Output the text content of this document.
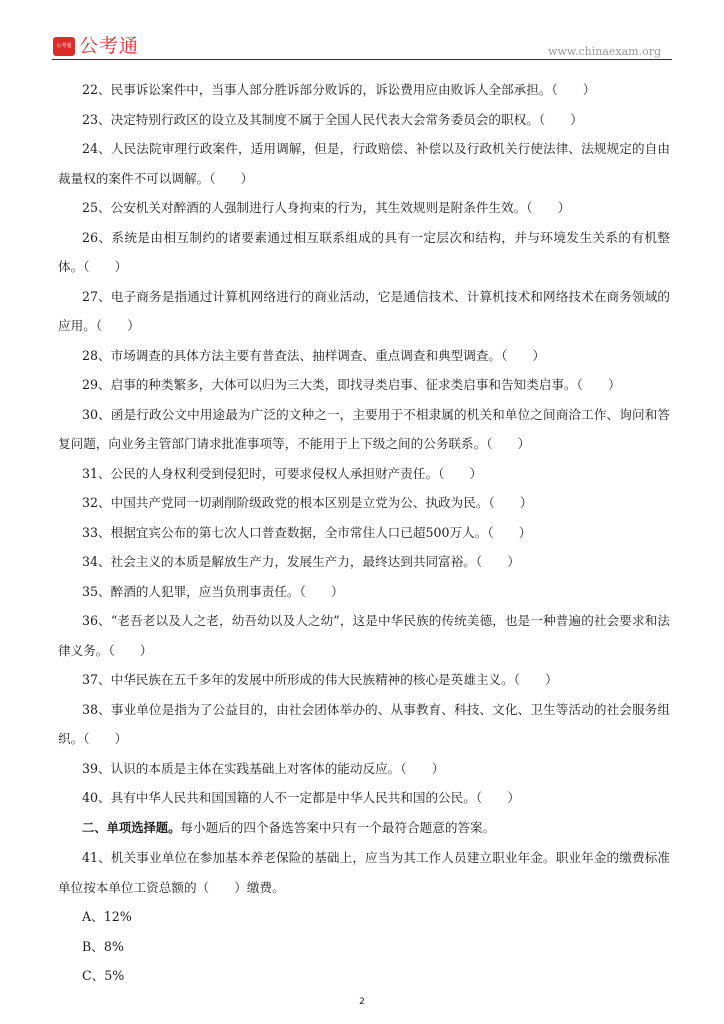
公考通 公考通	www.chinaexam.org

22、民事诉讼案件中，当事人部分胜诉部分败诉的，诉讼费用应由败诉人全部承担。（　　）

23、决定特别行政区的设立及其制度不属于全国人民代表大会常务委员会的职权。（　　）

24、人民法院审理行政案件，适用调解，但是，行政赔偿、补偿以及行政机关行使法律、法规规定的自由裁量权的案件不可以调解。（　　）

25、公安机关对醉酒的人强制进行人身拘束的行为，其生效规则是附条件生效。（　　）

26、系统是由相互制约的诸要素通过相互联系组成的具有一定层次和结构，并与环境发生关系的有机整体。（　　）

27、电子商务是指通过计算机网络进行的商业活动，它是通信技术、计算机技术和网络技术在商务领域的应用。（　　）

28、市场调查的具体方法主要有普查法、抽样调查、重点调查和典型调查。（　　）

29、启事的种类繁多，大体可以归为三大类，即找寻类启事、征求类启事和告知类启事。（　　）

30、函是行政公文中用途最为广泛的文种之一，主要用于不相隶属的机关和单位之间商洽工作、询问和答复问题，向业务主管部门请求批准事项等，不能用于上下级之间的公务联系。（　　）

31、公民的人身权利受到侵犯时，可要求侵权人承担财产责任。（　　）

32、中国共产党同一切剥削阶级政党的根本区别是立党为公、执政为民。（　　）

33、根据宜宾公布的第七次人口普查数据，全市常住人口已超500万人。（　　）

34、社会主义的本质是解放生产力，发展生产力，最终达到共同富裕。（　　）

35、醉酒的人犯罪，应当负刑事责任。（　　）

36、“老吾老以及人之老，幼吾幼以及人之幼”，这是中华民族的传统美德，也是一种普遍的社会要求和法律义务。（　　）

37、中华民族在五千多年的发展中所形成的伟大民族精神的核心是英雄主义。（　　）

38、事业单位是指为了公益目的，由社会团体举办的、从事教育、科技、文化、卫生等活动的社会服务组织。（　　）

39、认识的本质是主体在实践基础上对客体的能动反应。（　　）

40、具有中华人民共和国国籍的人不一定都是中华人民共和国的公民。（　　）

二、单项选择题。每小题后的四个备选答案中只有一个最符合题意的答案。

41、机关事业单位在参加基本养老保险的基础上，应当为其工作人员建立职业年金。职业年金的缴费标准单位按本单位工资总额的（　　）缴费。

A、12%

B、8%

C、5%

2
